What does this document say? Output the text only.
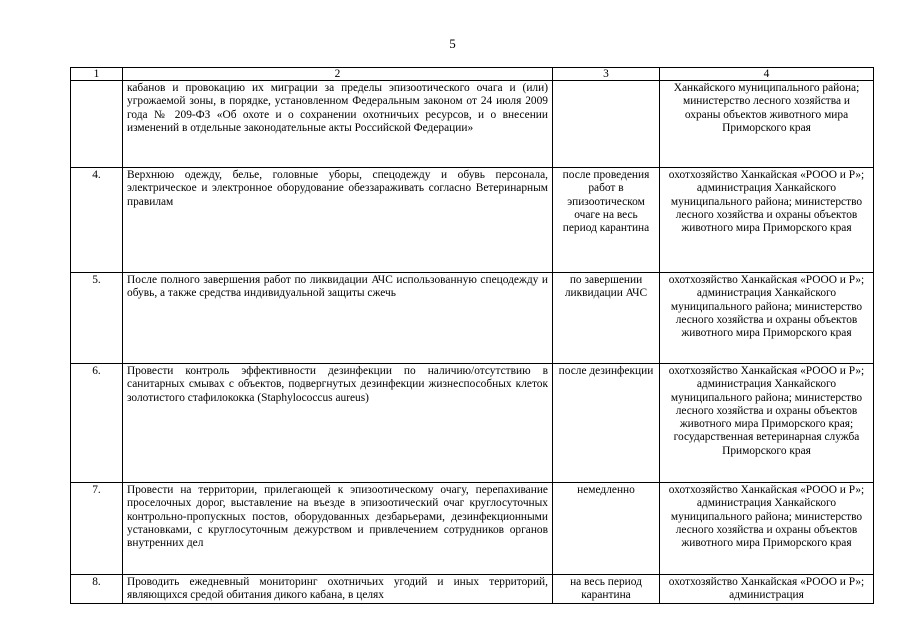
5
1	2	3	4
	кабанов и провокацию их миграции за пределы эпизоотического очага и (или) угрожаемой зоны, в порядке, установленном Федеральным законом от 24 июля 2009 года № 209-ФЗ «Об охоте и о сохранении охотничьих ресурсов, и о внесении изменений в отдельные законодательные акты Российской Федерации»		Ханкайского муниципального района; министерство лесного хозяйства и охраны объектов животного мира Приморского края
4.	Верхнюю одежду, белье, головные уборы, спецодежду и обувь персонала, электрическое и электронное оборудование обеззараживать согласно Ветеринарным правилам	после проведения работ в эпизоотическом очаге на весь период карантина	охотхозяйство Ханкайская «РООО и Р»; администрация Ханкайского муниципального района; министерство лесного хозяйства и охраны объектов животного мира Приморского края
5.	После полного завершения работ по ликвидации АЧС использованную спецодежду и обувь, а также средства индивидуальной защиты сжечь	по завершении ликвидации АЧС	охотхозяйство Ханкайская «РООО и Р»; администрация Ханкайского муниципального района; министерство лесного хозяйства и охраны объектов животного мира Приморского края
6.	Провести контроль эффективности дезинфекции по наличию/отсутствию в санитарных смывах с объектов, подвергнутых дезинфекции жизнеспособных клеток золотистого стафилококка (Staphylococcus aureus)	после дезинфекции	охотхозяйство Ханкайская «РООО и Р»; администрация Ханкайского муниципального района; министерство лесного хозяйства и охраны объектов животного мира Приморского края; государственная ветеринарная служба Приморского края
7.	Провести на территории, прилегающей к эпизоотическому очагу, перепахивание проселочных дорог, выставление на въезде в эпизоотический очаг круглосуточных контрольно-пропускных постов, оборудованных дезбарьерами, дезинфекционными установками, с круглосуточным дежурством и привлечением сотрудников органов внутренних дел	немедленно	охотхозяйство Ханкайская «РООО и Р»; администрация Ханкайского муниципального района; министерство лесного хозяйства и охраны объектов животного мира Приморского края
8.	Проводить ежедневный мониторинг охотничьих угодий и иных территорий, являющихся средой обитания дикого кабана, в целях	на весь период карантина	охотхозяйство Ханкайская «РООО и Р»; администрация
